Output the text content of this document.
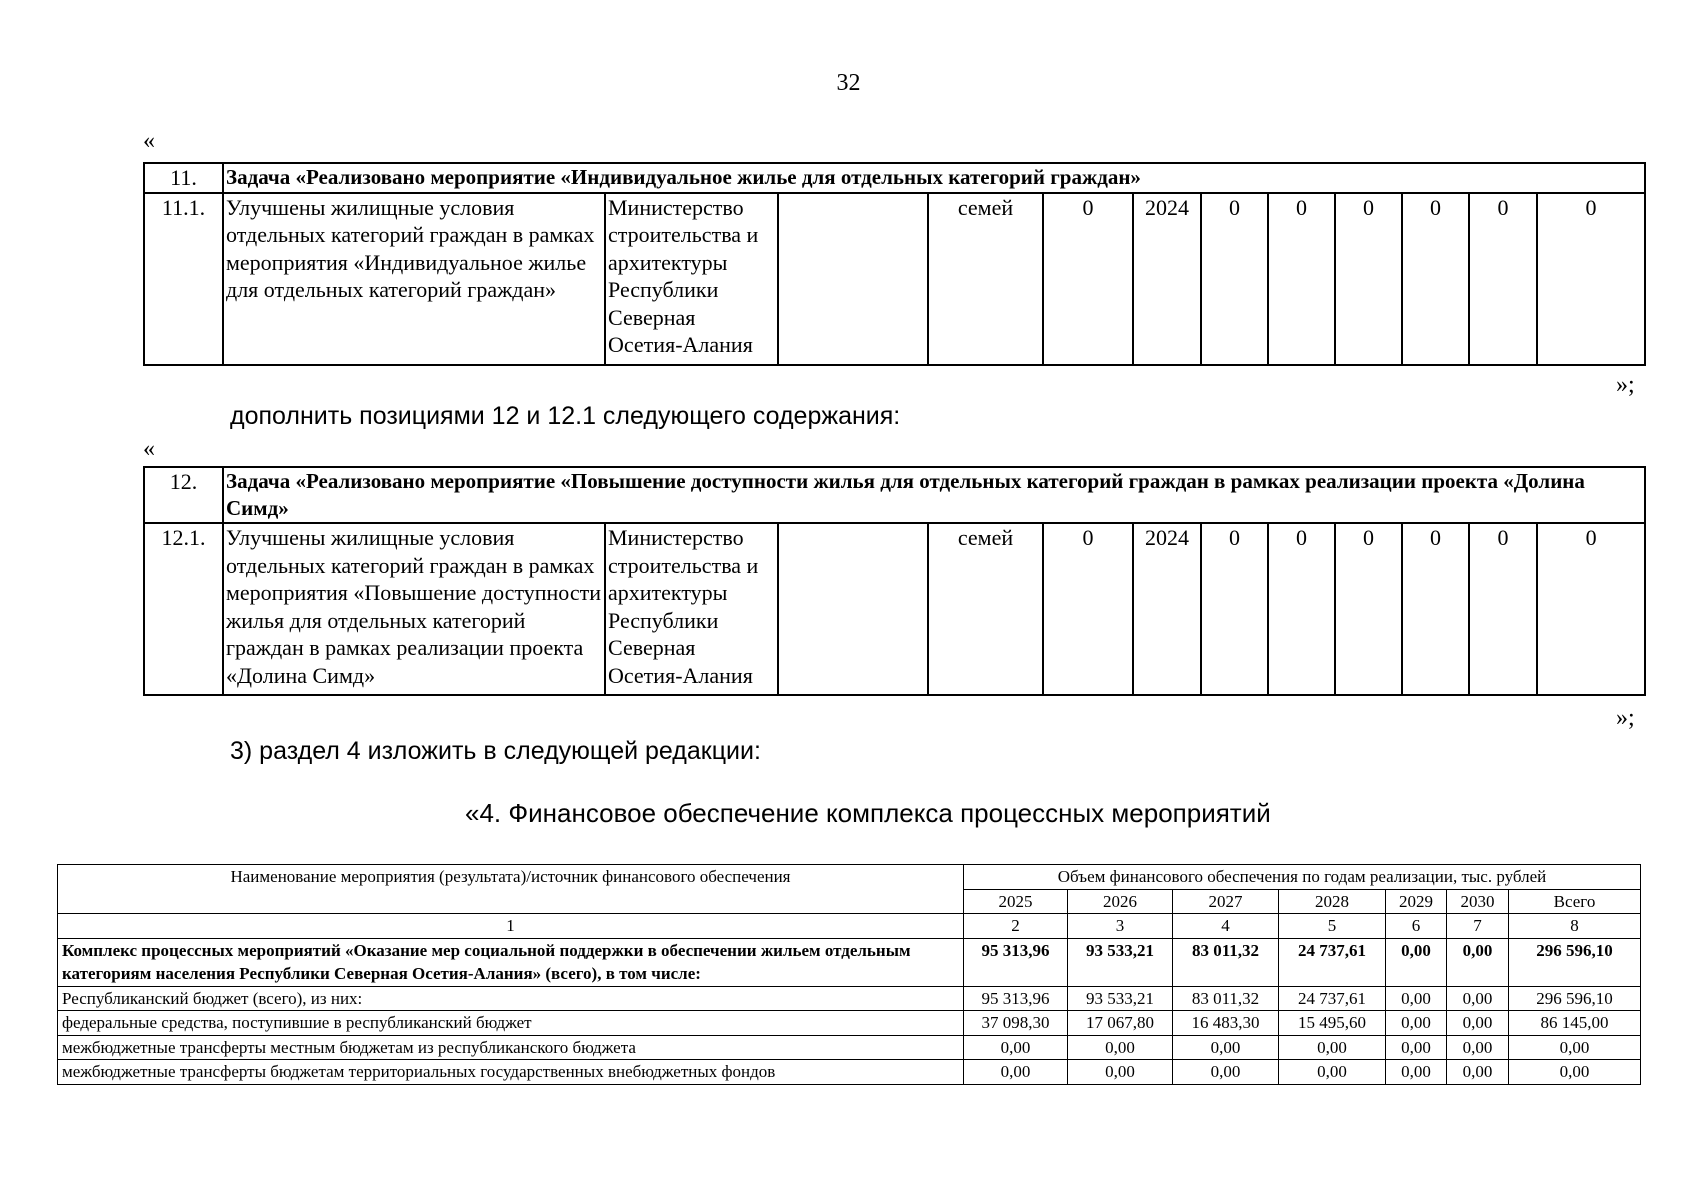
32
«
11.	Задача «Реализовано мероприятие «Индивидуальное жилье для отдельных категорий граждан»											
11.1.	Улучшены жилищные условия отдельных категорий граждан в рамках мероприятия «Индивидуальное жилье для отдельных категорий граждан»	Министерство строительства и архитектуры Республики Северная Осетия-Алания		семей	0	2024	0	0	0	0	0	0
»;
дополнить позициями 12 и 12.1 следующего содержания:
«
12.	Задача «Реализовано мероприятие «Повышение доступности жилья для отдельных категорий граждан в рамках реализации проекта «Долина Симд»											
12.1.	Улучшены жилищные условия отдельных категорий граждан в рамках мероприятия «Повышение доступности жилья для отдельных категорий граждан в рамках реализации проекта «Долина Симд»	Министерство строительства и архитектуры Республики Северная Осетия-Алания		семей	0	2024	0	0	0	0	0	0
»;
3) раздел 4 изложить в следующей редакции:
«4. Финансовое обеспечение комплекса процессных мероприятий
Наименование мероприятия (результата)/источник финансового обеспечения	Объем финансового обеспечения по годам реализации, тыс. рублей						
	2025	2026	2027	2028	2029	2030	Всего
1	2	3	4	5	6	7	8
Комплекс процессных мероприятий «Оказание мер социальной поддержки в обеспечении жильем отдельным категориям населения Республики Северная Осетия-Алания» (всего), в том числе:	95 313,96	93 533,21	83 011,32	24 737,61	0,00	0,00	296 596,10
Республиканский бюджет (всего), из них:	95 313,96	93 533,21	83 011,32	24 737,61	0,00	0,00	296 596,10
федеральные средства, поступившие в республиканский бюджет	37 098,30	17 067,80	16 483,30	15 495,60	0,00	0,00	86 145,00
межбюджетные трансферты местным бюджетам из республиканского бюджета	0,00	0,00	0,00	0,00	0,00	0,00	0,00
межбюджетные трансферты бюджетам территориальных государственных внебюджетных фондов	0,00	0,00	0,00	0,00	0,00	0,00	0,00
